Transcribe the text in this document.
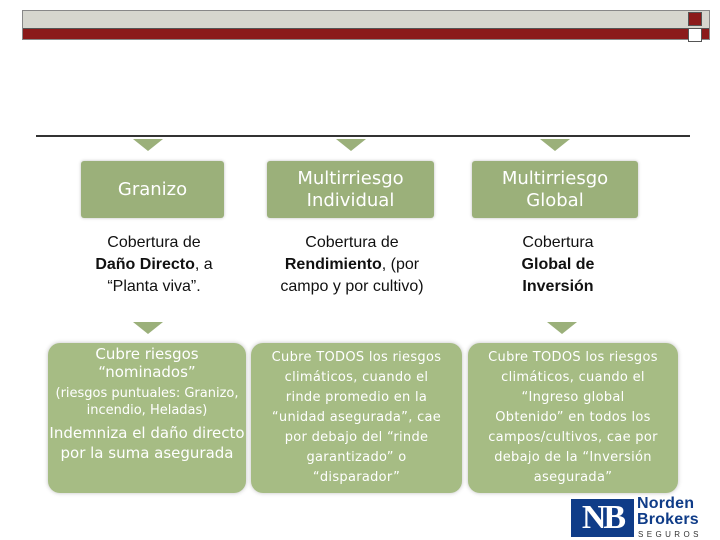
Granizo
Multirriesgo Individual
Multirriesgo Global
Cobertura de Daño Directo, a “Planta viva”.
Cobertura de Rendimiento, (por campo y por cultivo)
Cobertura Global de Inversión
Cubre riesgos “nominados”
(riesgos puntuales: Granizo, incendio, Heladas)
Indemniza el daño directo por la suma asegurada
Cubre TODOS los riesgos climáticos, cuando el rinde promedio en la “unidad asegurada”, cae por debajo del “rinde garantizado” o “disparador”
Cubre TODOS los riesgos climáticos, cuando el “Ingreso global Obtenido” en todos los campos/cultivos, cae por debajo de la “Inversión asegurada”
NB Norden
Brokers
SEGUROS
